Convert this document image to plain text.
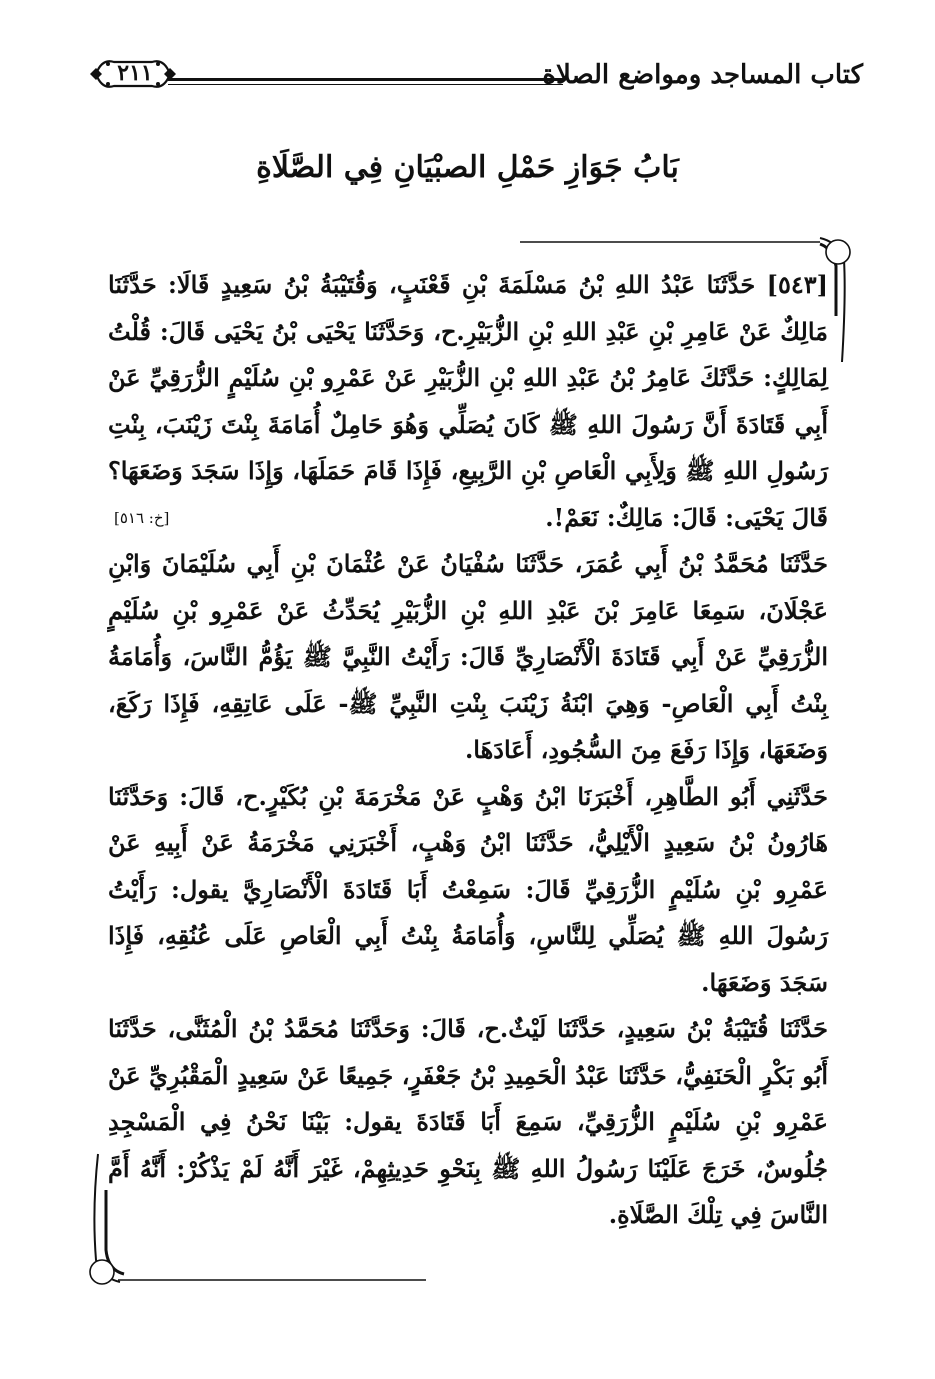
كتاب المساجد ومواضع الصلاة
٢١١
بَابُ جَوَازِ حَمْلِ الصبْيَانِ فِي الصَّلَاةِ

[٥٤٣] حَدَّثَنَا عَبْدُ اللهِ بْنُ مَسْلَمَةَ بْنِ قَعْنَبٍ، وَقُتَيْبَةُ بْنُ سَعِيدٍ قَالَا: حَدَّثَنَا مَالِكٌ عَنْ عَامِرِ بْنِ عَبْدِ اللهِ بْنِ الزُّبَيْرِ.ح، وَحَدَّثَنَا يَحْيَى بْنُ يَحْيَى قَالَ: قُلْتُ لِمَالِكٍ: حَدَّثَكَ عَامِرُ بْنُ عَبْدِ اللهِ بْنِ الزُّبَيْرِ عَنْ عَمْرِو بْنِ سُلَيْمٍ الزُّرَقِيِّ عَنْ أَبِي قَتَادَةَ أَنَّ رَسُولَ اللهِ ﷺ كَانَ يُصَلِّي وَهُوَ حَامِلٌ أُمَامَةَ بِنْتَ زَيْنَبَ، بِنْتِ رَسُولِ اللهِ ﷺ وَلِأَبِي الْعَاصِ بْنِ الرَّبِيعِ، فَإِذَا قَامَ حَمَلَهَا، وَإِذَا سَجَدَ وَضَعَهَا؟ قَالَ يَحْيَى: قَالَ: مَالِكٌ: نَعَمْ!.
[خ: ٥١٦]

حَدَّثَنَا مُحَمَّدُ بْنُ أَبِي عُمَرَ، حَدَّثَنَا سُفْيَانُ عَنْ عُثْمَانَ بْنِ أَبِي سُلَيْمَانَ وَابْنِ عَجْلَانَ، سَمِعَا عَامِرَ بْنَ عَبْدِ اللهِ بْنِ الزُّبَيْرِ يُحَدِّثُ عَنْ عَمْرِو بْنِ سُلَيْمٍ الزُّرَقِيِّ عَنْ أَبِي قَتَادَةَ الْأَنْصَارِيِّ قَالَ: رَأَيْتُ النَّبِيَّ ﷺ يَؤُمُّ النَّاسَ، وَأُمَامَةُ بِنْتُ أَبِي الْعَاصِ- وَهِيَ ابْنَةُ زَيْنَبَ بِنْتِ النَّبِيِّ ﷺ- عَلَى عَاتِقِهِ، فَإِذَا رَكَعَ، وَضَعَهَا، وَإِذَا رَفَعَ مِنَ السُّجُودِ، أَعَادَهَا.

حَدَّثَنِي أَبُو الطَّاهِرِ، أَخْبَرَنَا ابْنُ وَهْبٍ عَنْ مَخْرَمَةَ بْنِ بُكَيْرٍ.ح، قَالَ: وَحَدَّثَنَا هَارُونُ بْنُ سَعِيدٍ الْأَيْلِيُّ، حَدَّثَنَا ابْنُ وَهْبٍ، أَخْبَرَنِي مَخْرَمَةُ عَنْ أَبِيهِ عَنْ عَمْرِو بْنِ سُلَيْمٍ الزُّرَقِيِّ قَالَ: سَمِعْتُ أَبَا قَتَادَةَ الْأَنْصَارِيَّ يقول: رَأَيْتُ رَسُولَ اللهِ ﷺ يُصَلِّي لِلنَّاسِ، وَأُمَامَةُ بِنْتُ أَبِي الْعَاصِ عَلَى عُنُقِهِ، فَإِذَا سَجَدَ وَضَعَهَا.

حَدَّثَنَا قُتَيْبَةُ بْنُ سَعِيدٍ، حَدَّثَنَا لَيْثٌ.ح، قَالَ: وَحَدَّثَنَا مُحَمَّدُ بْنُ الْمُثَنَّى، حَدَّثَنَا أَبُو بَكْرٍ الْحَنَفِيُّ، حَدَّثَنَا عَبْدُ الْحَمِيدِ بْنُ جَعْفَرٍ، جَمِيعًا عَنْ سَعِيدٍ الْمَقْبُرِيِّ عَنْ عَمْرِو بْنِ سُلَيْمٍ الزُّرَقِيِّ، سَمِعَ أَبَا قَتَادَةَ يقول: بَيْنَا نَحْنُ فِي الْمَسْجِدِ جُلُوسٌ، خَرَجَ عَلَيْنَا رَسُولُ اللهِ ﷺ بِنَحْوِ حَدِيثِهِمْ، غَيْرَ أَنَّهُ لَمْ يَذْكُرْ: أَنَّهُ أَمَّ النَّاسَ فِي تِلْكَ الصَّلَاةِ.
